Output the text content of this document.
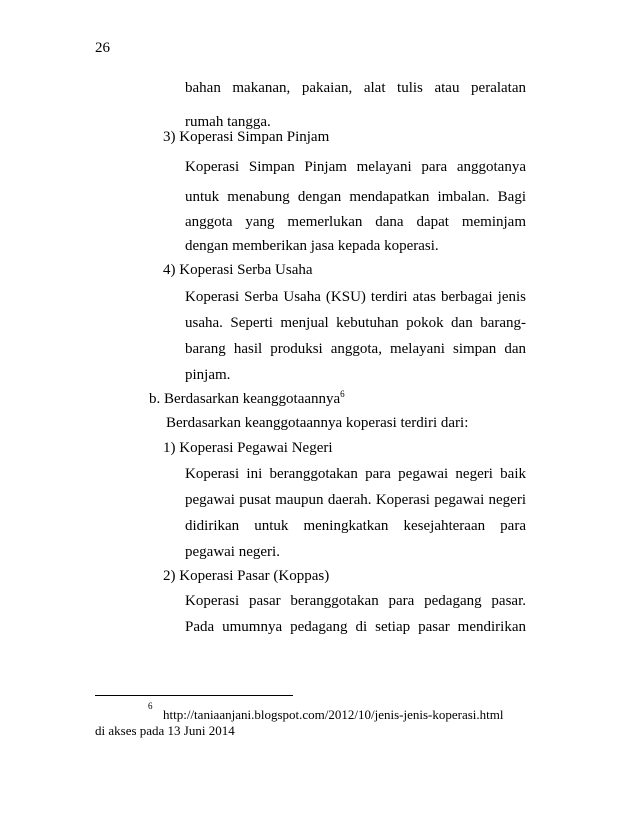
26
bahan makanan, pakaian, alat tulis atau peralatan
rumah tangga.
3) Koperasi Simpan Pinjam
Koperasi Simpan Pinjam melayani para anggotanya
untuk menabung dengan mendapatkan imbalan. Bagi
anggota yang memerlukan dana dapat meminjam
dengan memberikan jasa kepada koperasi.
4) Koperasi Serba Usaha
Koperasi Serba Usaha (KSU) terdiri atas berbagai jenis
usaha. Seperti menjual kebutuhan pokok dan barang-
barang hasil produksi anggota, melayani simpan dan
pinjam.
b. Berdasarkan keanggotaannya$^6$
Berdasarkan keanggotaannya koperasi terdiri dari:
1) Koperasi Pegawai Negeri
Koperasi ini beranggotakan para pegawai negeri baik
pegawai pusat maupun daerah. Koperasi pegawai negeri
didirikan untuk meningkatkan kesejahteraan para
pegawai negeri.
2) Koperasi Pasar (Koppas)
Koperasi pasar beranggotakan para pedagang pasar.
Pada umumnya pedagang di setiap pasar mendirikan
6
http://taniaanjani.blogspot.com/2012/10/jenis-jenis-koperasi.html
di akses pada 13 Juni 2014
